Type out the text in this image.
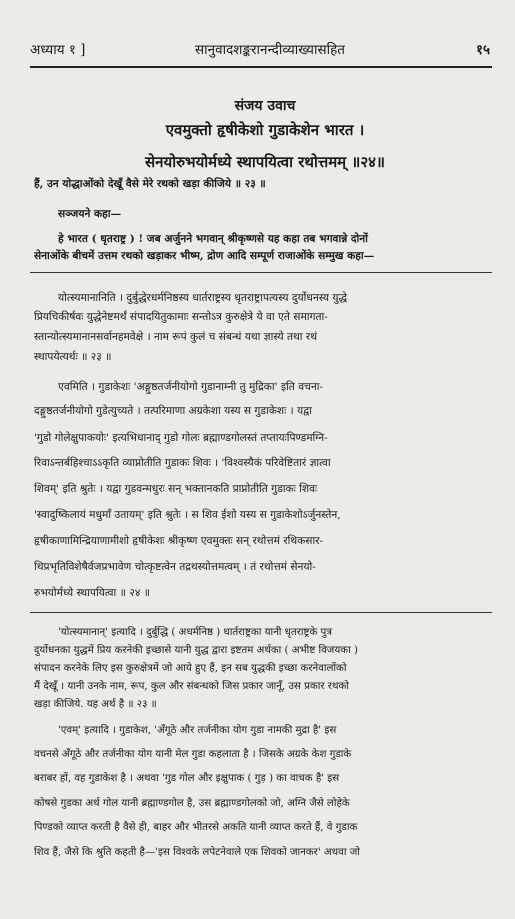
अध्याय १ ]	सानुवादशङ्करानन्दीव्याख्यासहित	१५
संजय उवाच
एवमुक्तो हृषीकेशो गुडाकेशेन भारत ।
सेनयोरुभयोर्मध्ये स्थापयित्वा रथोत्तमम् ॥२४॥
हैं, उन योद्धाओंको देखूँ वैसे मेरे रथको खड़ा कीजिये ॥ २३ ॥
सञ्जयने कहा—
हे भारत ( धृतराष्ट्र ) ! जब अर्जुनने भगवान् श्रीकृष्णसे यह कहा तब भगवान्ने दोनों
सेनाओंके बीचमें उत्तम रथको खड़ाकर भीष्म, द्रोण आदि सम्पूर्ण राजाओंके सम्मुख कहा—
योत्स्यमानानिति । दुर्बुद्धेरधर्मनिष्ठस्य धार्तराष्ट्रस्य धृतराष्ट्रापत्यस्य दुर्योधनस्य युद्धे
प्रियचिकीर्षवः युद्धेनेष्टमर्थं संपादयितुकामाः सन्तोऽत्र कुरुक्षेत्रे ये वा एते समागता-
स्तान्योत्स्यमानानसर्वानहमवेक्षे । नाम रूपं कुलं च संबन्धं यथा ज्ञास्ये तथा रथं
स्थापयेत्यर्थः ॥ २३ ॥
एवमिति । गुडाकेशः 'अङ्गुष्ठतर्जनीयोगो गुडानाम्नी तु मुद्रिका' इति वचना-
दङ्गुष्ठतर्जनीयोगो गुडेत्युच्यते । तत्परिमाणा अग्रकेशा यस्य स गुडाकेशः । यद्वा
'गुडो गोलेक्षुपाकयोः' इत्यभिधानाद् गुडो गोलः ब्रह्माण्डगोलस्तं तप्तायःपिण्डमग्नि-
रिवाऽन्तर्बहिश्चाऽऽकृति व्याप्नोतीति गुडाकः शिवः । 'विश्वस्यैकं परिवेष्टितारं ज्ञात्वा
शिवम्' इति श्रुतेः । यद्वा गुडवन्मधुरः सन् भक्तानकति प्राप्नोतीति गुडाकः शिवः
'स्वादुष्किलायं मधुमाँ उतायम्' इति श्रुतेः । स शिव ईशो यस्य स गुडाकेशोऽर्जुनस्तेन,
हृषीकाणामिन्द्रियाणामीशो हृषीकेशः श्रीकृष्ण एवमुक्तः सन् रथोत्तमं रथिकसार-
थिप्रभृतिविशेषैर्वजप्रभावेण चोत्कृष्टत्वेन तद्रथस्योत्तमत्वम् । तं रथोत्तमं सेनयो-
रुभयोर्मध्ये स्थापयित्वा ॥ २४ ॥
'योत्स्यमानान्' इत्यादि । दुर्बुद्धि ( अधर्मनिष्ठ ) धार्तराष्ट्रका यानी धृतराष्ट्रके पुत्र
दुर्योधनका युद्धमें प्रिय करनेकी इच्छासे यानी युद्ध द्वारा इष्टतम अर्थका ( अभीष्ट विजयका )
संपादन करनेके लिए इस कुरुक्षेत्रमें जो आये हुए हैं, इन सब युद्धकी इच्छा करनेवालोंको
मैं देखूँ । यानी उनके नाम, रूप, कुल और संबन्धको जिस प्रकार जानूँ, उस प्रकार रथको
खड़ा कीजिये. यह अर्थ है ॥ २३ ॥
'एवम्' इत्यादि । गुडाकेश, 'अँगूठे और तर्जनीका योग गुडा नामकी मुद्रा है' इस
वचनसे अँगूठे और तर्जनीका योग यानी मेल गुडा कहलाता है । जिसके अग्रके केश गुडाके
बराबर हों, वह गुडाकेश है । अथवा 'गुड गोल और इक्षुपाक ( गुड़ ) का वाचक है' इस
कोषसे गुडका अर्थ गोल यानी ब्रह्माण्डगोल है, उस ब्रह्माण्डगोलको जो, अग्नि जैसे लोहेके
पिण्डको व्याप्त करती है वैसे ही, बाहर और भीतरसे अकति यानी व्याप्त करते हैं, वे गुडाक
शिव हैं, जैसे कि श्रुति कहती है—'इस विश्वके लपेटनेवाले एक शिवको जानकर' अथवा जो
